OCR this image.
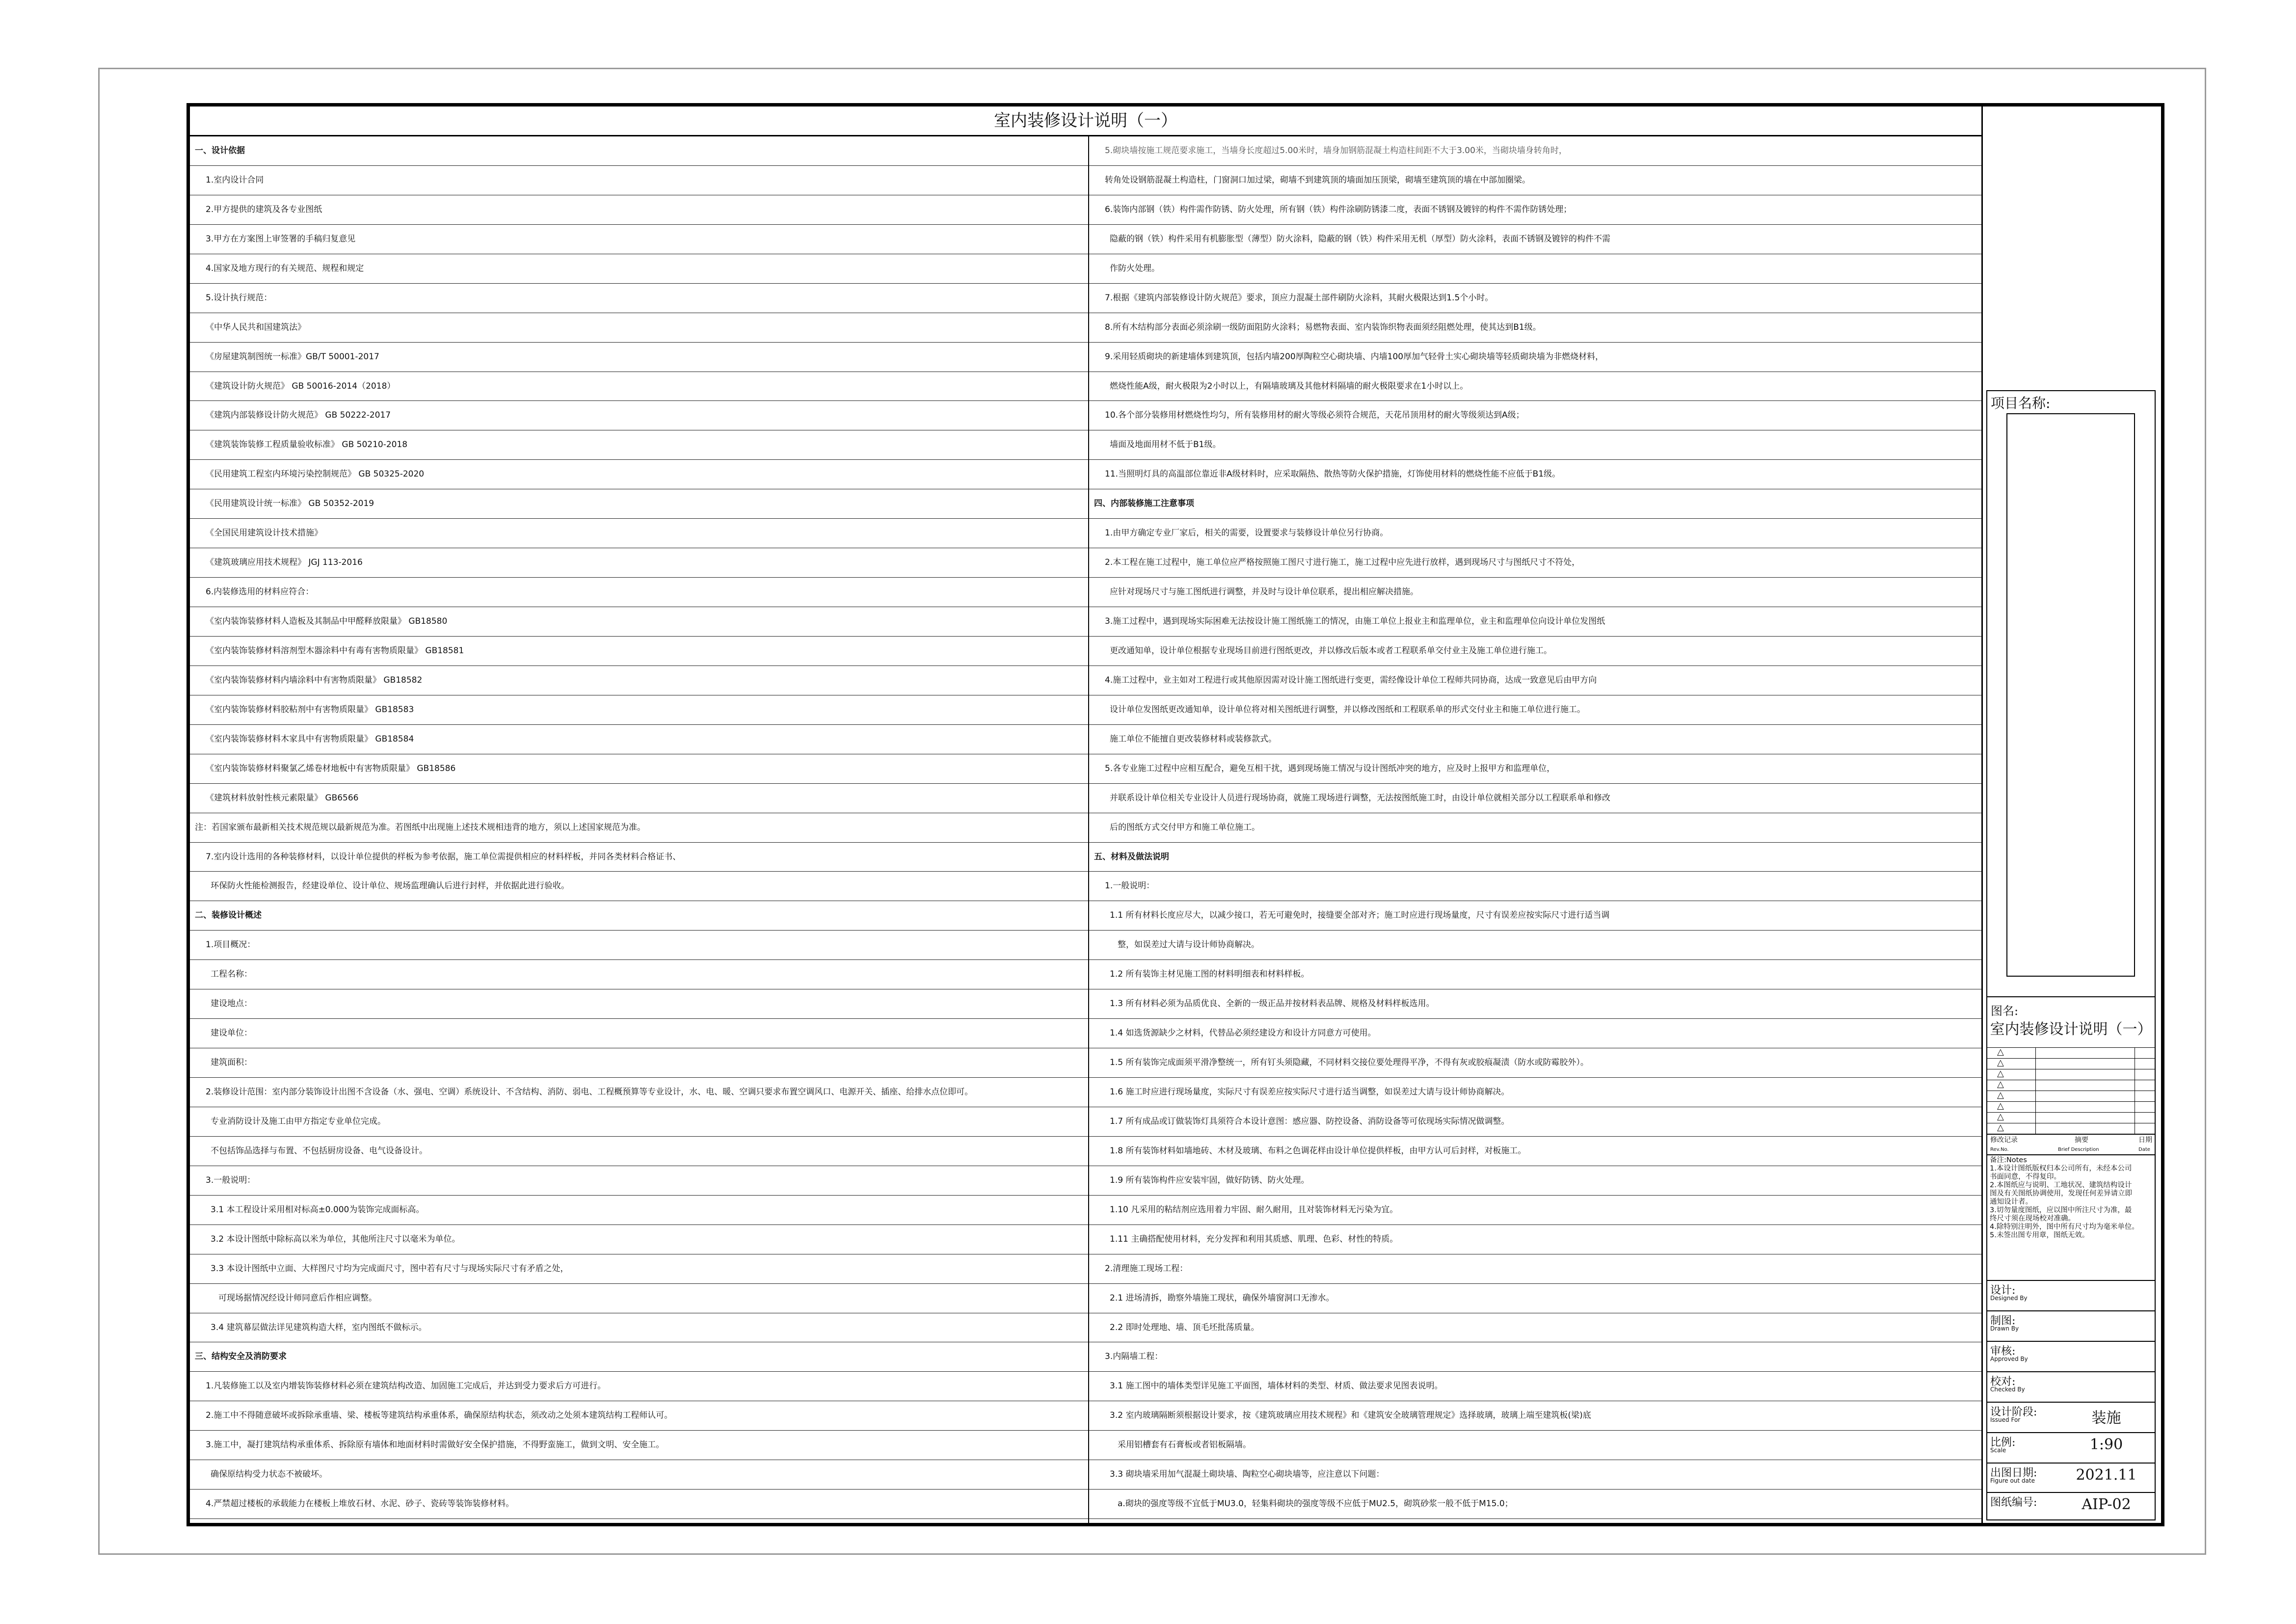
室内装修设计说明（一）
一、设计依据
1.室内设计合同
2.甲方提供的建筑及各专业图纸
3.甲方在方案图上审签署的手稿归复意见
4.国家及地方现行的有关规范、规程和规定
5.设计执行规范：
《中华人民共和国建筑法》
《房屋建筑制图统一标准》GB/T 50001-2017
《建筑设计防火规范》 GB 50016-2014（2018）
《建筑内部装修设计防火规范》 GB 50222-2017
《建筑装饰装修工程质量验收标准》 GB 50210-2018
《民用建筑工程室内环境污染控制规范》 GB 50325-2020
《民用建筑设计统一标准》 GB 50352-2019
《全国民用建筑设计技术措施》
《建筑玻璃应用技术规程》 JGJ 113-2016
6.内装修选用的材料应符合：
《室内装饰装修材料人造板及其制品中甲醛释放限量》 GB18580
《室内装饰装修材料溶剂型木器涂料中有毒有害物质限量》 GB18581
《室内装饰装修材料内墙涂料中有害物质限量》 GB18582
《室内装饰装修材料胶粘剂中有害物质限量》 GB18583
《室内装饰装修材料木家具中有害物质限量》 GB18584
《室内装饰装修材料聚氯乙烯卷材地板中有害物质限量》 GB18586
《建筑材料放射性核元素限量》 GB6566
注：若国家颁布最新相关技术规范规以最新规范为准。若图纸中出现施上述技术规相违背的地方，须以上述国家规范为准。
7.室内设计选用的各种装修材料，以设计单位提供的样板为参考依据，施工单位需提供相应的材料样板，并同各类材料合格证书、
环保防火性能检测报告，经建设单位、设计单位、规场监理确认后进行封样，并依据此进行验收。
二、装修设计概述
1.项目概况：
工程名称：
建设地点：
建设单位：
建筑面积：
2.装修设计范围：室内部分装饰设计出图不含设备（水、强电、空调）系统设计、不含结构、消防、弱电、工程概预算等专业设计，水、电、暖、空调只要求布置空调风口、电源开关、插座、给排水点位即可。
专业消防设计及施工由甲方指定专业单位完成。
不包括饰品选择与布置、不包括厨房设备、电气设备设计。
3.一般说明：
3.1 本工程设计采用相对标高±0.000为装饰完成面标高。
3.2 本设计图纸中除标高以米为单位，其他所注尺寸以毫米为单位。
3.3 本设计图纸中立面、大样图尺寸均为完成面尺寸，图中若有尺寸与现场实际尺寸有矛盾之处，
可现场据情况经设计师同意后作相应调整。
3.4 建筑幕层做法详见建筑构造大样，室内图纸不做标示。
三、结构安全及消防要求
1.凡装修施工以及室内增装饰装修材料必须在建筑结构改造、加固施工完成后，并达到受力要求后方可进行。
2.施工中不得随意破坏或拆除承重墙、梁、楼板等建筑结构承重体系，确保原结构状态，须改动之处须本建筑结构工程师认可。
3.施工中，凝打建筑结构承重体系、拆除原有墙体和地面材料时需做好安全保护措施，不得野蛮施工，做到文明、安全施工。
确保原结构受力状态不被破坏。
4.严禁超过楼板的承载能力在楼板上堆放石材、水泥、砂子、瓷砖等装饰装修材料。
5.砌块墙按施工规范要求施工，当墙身长度超过5.00米时，墙身加钢筋混凝土构造柱间距不大于3.00米，当砌块墙身转角时，
转角处设钢筋混凝土构造柱，门窗洞口加过梁，砌墙不到建筑顶的墙面加压顶梁，砌墙至建筑顶的墙在中部加圈梁。
6.装饰内部钢（铁）构件需作防锈、防火处理，所有钢（铁）构件涂刷防锈漆二度，表面不锈钢及镀锌的构件不需作防锈处理；
隐蔽的钢（铁）构件采用有机膨胀型（薄型）防火涂料，隐蔽的钢（铁）构件采用无机（厚型）防火涂料，表面不锈钢及镀锌的构件不需
作防火处理。
7.根据《建筑内部装修设计防火规范》要求，顶应力混凝土部件刷防火涂料，其耐火极限达到1.5个小时。
8.所有木结构部分表面必须涂刷一级防面阻防火涂料；易燃物表面、室内装饰织物表面须经阻燃处理，使其达到B1级。
9.采用轻质砌块的新建墙体到建筑顶，包括内墙200厚陶粒空心砌块墙、内墙100厚加气轻骨土实心砌块墙等轻质砌块墙为非燃烧材料，
燃烧性能A级，耐火极限为2小时以上，有隔墙玻璃及其他材料隔墙的耐火极限要求在1小时以上。
10.各个部分装修用材燃烧性均匀，所有装修用材的耐火等级必须符合规范，天花吊顶用材的耐火等级须达到A级；
墙面及地面用材不低于B1级。
11.当照明灯具的高温部位靠近非A级材料时，应采取隔热、散热等防火保护措施，灯饰使用材料的燃烧性能不应低于B1级。
四、内部装修施工注意事项
1.由甲方确定专业厂家后，相关的需要，设置要求与装修设计单位另行协商。
2.本工程在施工过程中，施工单位应严格按照施工图尺寸进行施工，施工过程中应先进行放样，遇到现场尺寸与图纸尺寸不符处，
应针对现场尺寸与施工图纸进行调整，并及时与设计单位联系，提出相应解决措施。
3.施工过程中，遇到现场实际困难无法按设计施工图纸施工的情况，由施工单位上报业主和监理单位，业主和监理单位向设计单位发图纸
更改通知单，设计单位根据专业现场目前进行图纸更改，并以修改后版本或者工程联系单交付业主及施工单位进行施工。
4.施工过程中，业主如对工程进行或其他原因需对设计施工图纸进行变更，需经像设计单位工程师共同协商，达成一致意见后由甲方向
设计单位发图纸更改通知单，设计单位将对相关图纸进行调整，并以修改图纸和工程联系单的形式交付业主和施工单位进行施工。
施工单位不能擅自更改装修材料或装修款式。
5.各专业施工过程中应相互配合，避免互相干扰，遇到现场施工情况与设计图纸冲突的地方，应及时上报甲方和监理单位，
并联系设计单位相关专业设计人员进行现场协商，就施工现场进行调整，无法按图纸施工时，由设计单位就相关部分以工程联系单和修改
后的图纸方式交付甲方和施工单位施工。
五、材料及做法说明
1.一般说明：
1.1 所有材料长度应尽大，以减少接口，若无可避免时，接缝要全部对齐；施工时应进行现场量度，尺寸有误差应按实际尺寸进行适当调
整，如误差过大请与设计师协商解决。
1.2 所有装饰主材见施工图的材料明细表和材料样板。
1.3 所有材料必须为品质优良、全新的一级正品并按材料表品牌、规格及材料样板选用。
1.4 如选货源缺少之材料，代替品必须经建设方和设计方同意方可使用。
1.5 所有装饰完成面须平滑净整统一，所有钉头须隐藏，不同材料交接位要处理得平净，不得有灰或胶痕凝渍（防水或防霉胶外）。
1.6 施工时应进行现场量度，实际尺寸有误差应按实际尺寸进行适当调整，如误差过大请与设计师协商解决。
1.7 所有成品或订做装饰灯具须符合本设计意图：感应器、防控设备、消防设备等可依现场实际情况做调整。
1.8 所有装饰材料如墙地砖、木材及玻璃、布料之色调花样由设计单位提供样板，由甲方认可后封样，对板施工。
1.9 所有装饰构件应安装牢固，做好防锈、防火处理。
1.10 凡采用的粘结剂应选用着力牢固、耐久耐用，且对装饰材料无污染为宜。
1.11 主确搭配使用材料，充分发挥和利用其质感、肌理、色彩、材性的特质。
2.清理施工现场工程：
2.1 进场清拆，勘察外墙施工现状，确保外墙窗洞口无渗水。
2.2 即时处理地、墙、顶毛坯批荡质量。
3.内隔墙工程：
3.1 施工图中的墙体类型详见施工平面图，墙体材料的类型、材质、做法要求见图表说明。
3.2 室内玻璃隔断须根据设计要求，按《建筑玻璃应用技术规程》和《建筑安全玻璃管理规定》选择玻璃，玻璃上端至建筑板(梁)底
采用铝槽套有石膏板或者铝板隔墙。
3.3 砌块墙采用加气混凝土砌块墙、陶粒空心砌块墙等，应注意以下问题：
a.砌块的强度等级不宜低于MU3.0，轻集料砌块的强度等级不应低于MU2.5，砌筑砂浆一般不低于M15.0；
项目名称:
图名:
室内装修设计说明（一）
△
△
△
△
△
△
△
△
修改记录
Rev.No.
摘要
Brief Description
日期
Date
备注:Notes
1.本设计图纸版权归本公司所有，未经本公司
书面同意，不得复印。
2.本图纸应与说明、工地状况、建筑结构设计
图及有关图纸协调使用，发现任何差异请立即
通知设计者。
3.切勿量度图纸，应以图中所注尺寸为准，最
终尺寸须在现场校对准确。
4.除特别注明外，图中所有尺寸均为毫米单位。
5.未签出图专用章，图纸无效。
设计:
Designed By
制图:
Drawn By
审核:
Approved By
校对:
Checked By
设计阶段:
Issued For	装施
比例:
Scale	1:90
出图日期:
Figure out date	2021.11
图纸编号:	AIP-02
